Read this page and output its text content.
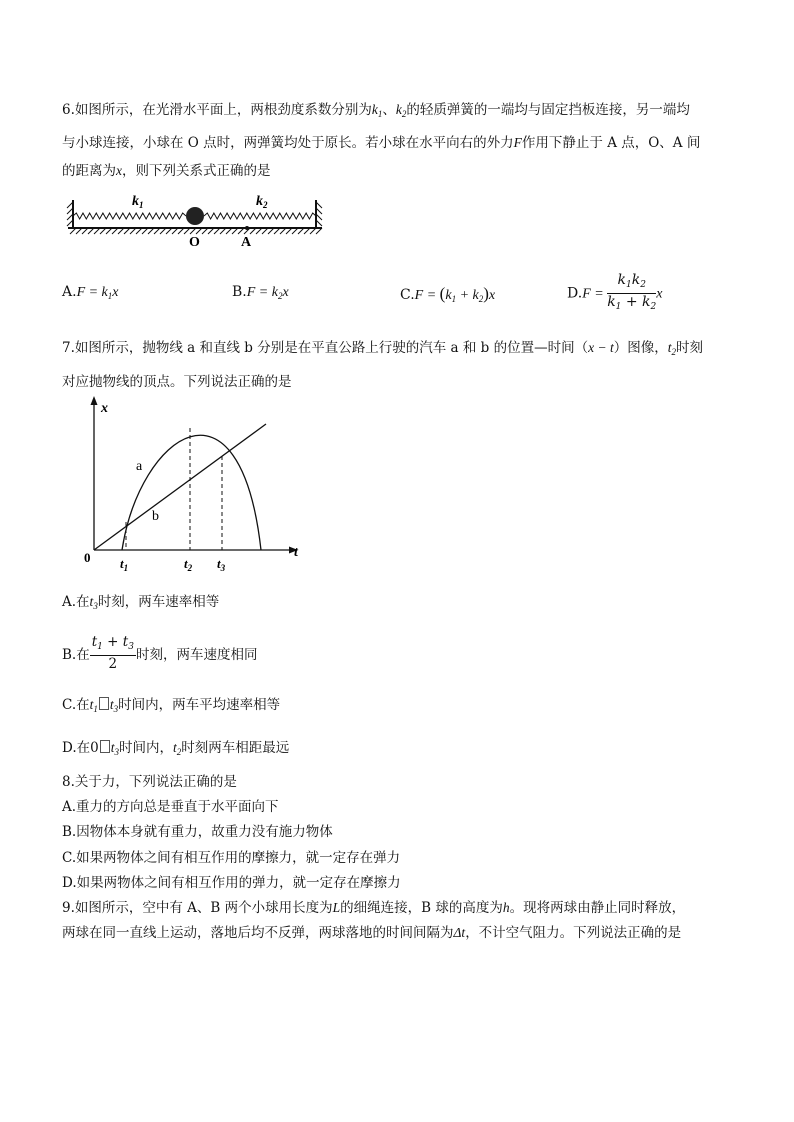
6.如图所示，在光滑水平面上，两根劲度系数分别为$k_1$、$k_2$的轻质弹簧的一端均与固定挡板连接，另一端均
与小球连接，小球在 O 点时，两弹簧均处于原长。若小球在水平向右的外力F作用下静止于 A 点，O、A 间
的距离为x，则下列关系式正确的是
$k_1$	$k_2$
O	A
$A.F = k_1x$	$B.F = k_2x$	$C.F = (k_1 + k_2)x$	$D.F = \frac{k_1k_2}{k_1 + k_2}$ x
7.如图所示，抛物线 a 和直线 b 分别是在平直公路上行驶的汽车 a 和 b 的位置—时间（x − t）图像，$t_2$时刻
对应抛物线的顶点。下列说法正确的是
x
t
0
a
b
$t_1$	$t_2$ $t_3$
A.在$t_3$时刻，两车速率相等
B.在 $\frac{t_1 + t_3}{2}$ 时刻，两车速度相同
C.在$t_1$ $t_3$时间内，两车平均速率相等
D.在0 $t_3$时间内，$t_2$时刻两车相距最远
8.关于力，下列说法正确的是
A.重力的方向总是垂直于水平面向下
B.因物体本身就有重力，故重力没有施力物体
C.如果两物体之间有相互作用的摩擦力，就一定存在弹力
D.如果两物体之间有相互作用的弹力，就一定存在摩擦力
9.如图所示，空中有 A、B 两个小球用长度为L的细绳连接，B 球的高度为h。现将两球由静止同时释放，
两球在同一直线上运动，落地后均不反弹，两球落地的时间间隔为Δt，不计空气阻力。下列说法正确的是
